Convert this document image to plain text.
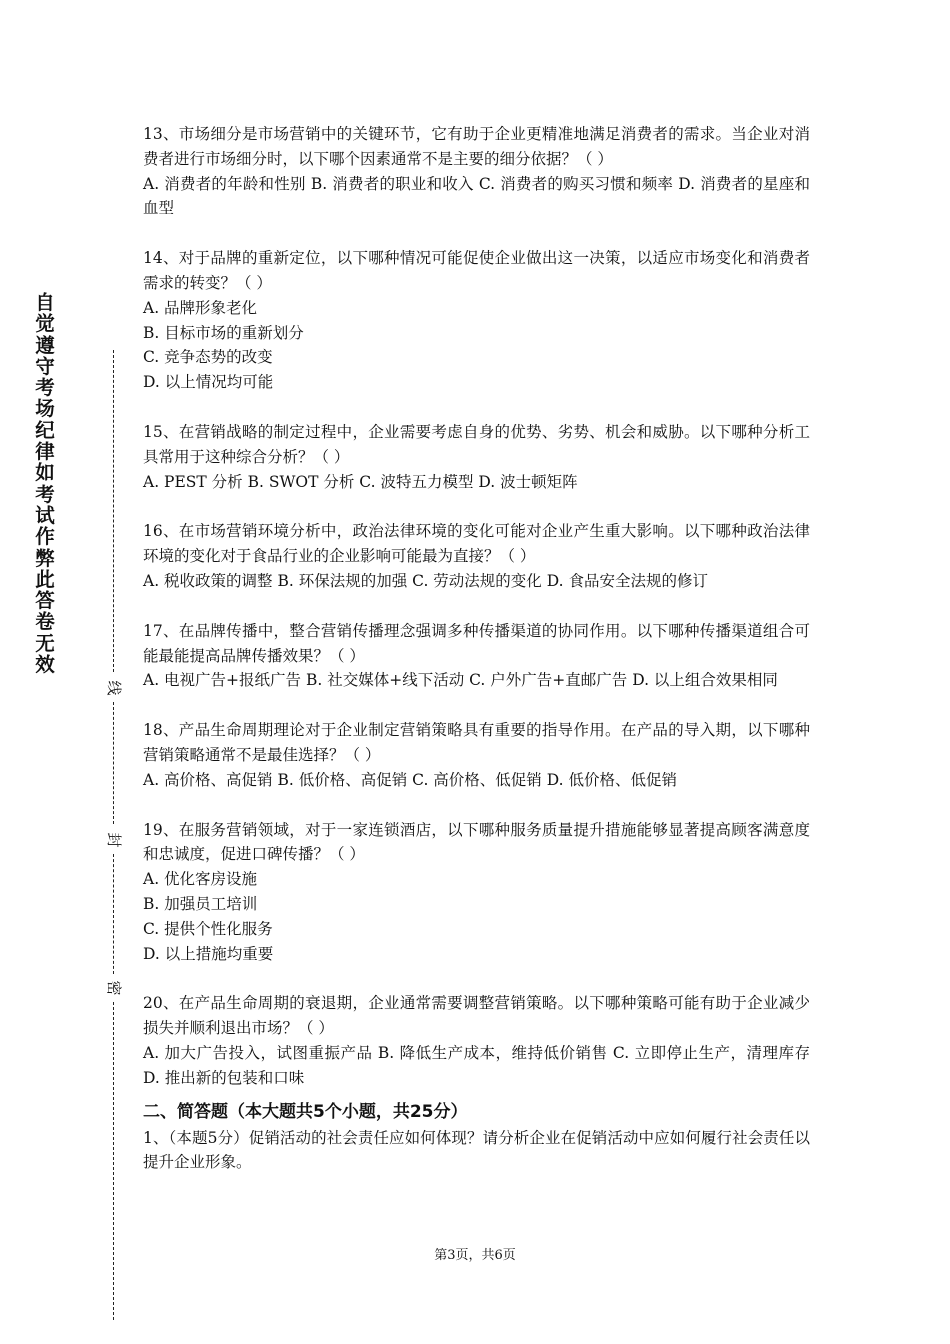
自觉遵守考场纪律如考试作弊此答卷无效
线
封
密

13、市场细分是市场营销中的关键环节，它有助于企业更精准地满足消费者的需求。当企业对消费者进行市场细分时，以下哪个因素通常不是主要的细分依据？（ ）

A. 消费者的年龄和性别 B. 消费者的职业和收入 C. 消费者的购买习惯和频率 D. 消费者的星座和血型

14、对于品牌的重新定位，以下哪种情况可能促使企业做出这一决策，以适应市场变化和消费者需求的转变？（ ）

A. 品牌形象老化

B. 目标市场的重新划分

C. 竞争态势的改变

D. 以上情况均可能

15、在营销战略的制定过程中，企业需要考虑自身的优势、劣势、机会和威胁。以下哪种分析工具常用于这种综合分析？（ ）

A. PEST 分析 B. SWOT 分析 C. 波特五力模型 D. 波士顿矩阵

16、在市场营销环境分析中，政治法律环境的变化可能对企业产生重大影响。以下哪种政治法律环境的变化对于食品行业的企业影响可能最为直接？（ ）

A. 税收政策的调整 B. 环保法规的加强 C. 劳动法规的变化 D. 食品安全法规的修订

17、在品牌传播中，整合营销传播理念强调多种传播渠道的协同作用。以下哪种传播渠道组合可能最能提高品牌传播效果？（ ）

A. 电视广告+报纸广告 B. 社交媒体+线下活动 C. 户外广告+直邮广告 D. 以上组合效果相同

18、产品生命周期理论对于企业制定营销策略具有重要的指导作用。在产品的导入期，以下哪种营销策略通常不是最佳选择？（ ）

A. 高价格、高促销 B. 低价格、高促销 C. 高价格、低促销 D. 低价格、低促销

19、在服务营销领域，对于一家连锁酒店，以下哪种服务质量提升措施能够显著提高顾客满意度和忠诚度，促进口碑传播？（ ）

A. 优化客房设施

B. 加强员工培训

C. 提供个性化服务

D. 以上措施均重要

20、在产品生命周期的衰退期，企业通常需要调整营销策略。以下哪种策略可能有助于企业减少损失并顺利退出市场？（ ）

A. 加大广告投入，试图重振产品 B. 降低生产成本，维持低价销售 C. 立即停止生产，清理库存 D. 推出新的包装和口味

二、简答题（本大题共5个小题，共25分）

1、（本题5分）促销活动的社会责任应如何体现？请分析企业在促销活动中应如何履行社会责任以提升企业形象。

第3页，共6页
